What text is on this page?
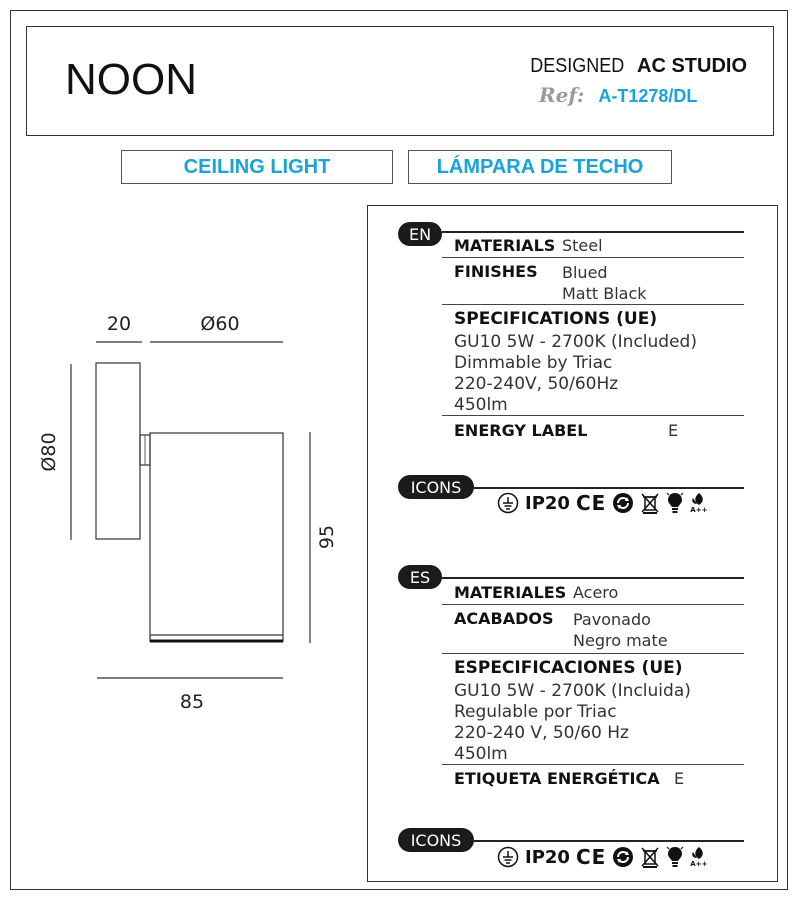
NOON	DESIGNED AC STUDIO
Ref: A-T1278/DL
CEILING LIGHT	LÁMPARA DE TECHO
20	Ø60
Ø80
95
85
EN
MATERIALS Steel
FINISHES Blued
Matt Black
SPECIFICATIONS (UE)
GU10 5W - 2700K (Included)
Dimmable by Triac
220-240V, 50/60Hz
450lm
ENERGY LABEL	E
ICONS
IP20 CE	A++
ES
MATERIALES Acero
ACABADOS Pavonado
Negro mate
ESPECIFICACIONES (UE)
GU10 5W - 2700K (Incluida)
Regulable por Triac
220-240 V, 50/60 Hz
450lm
ETIQUETA ENERGÉTICA E
ICONS
IP20 CE	A++
